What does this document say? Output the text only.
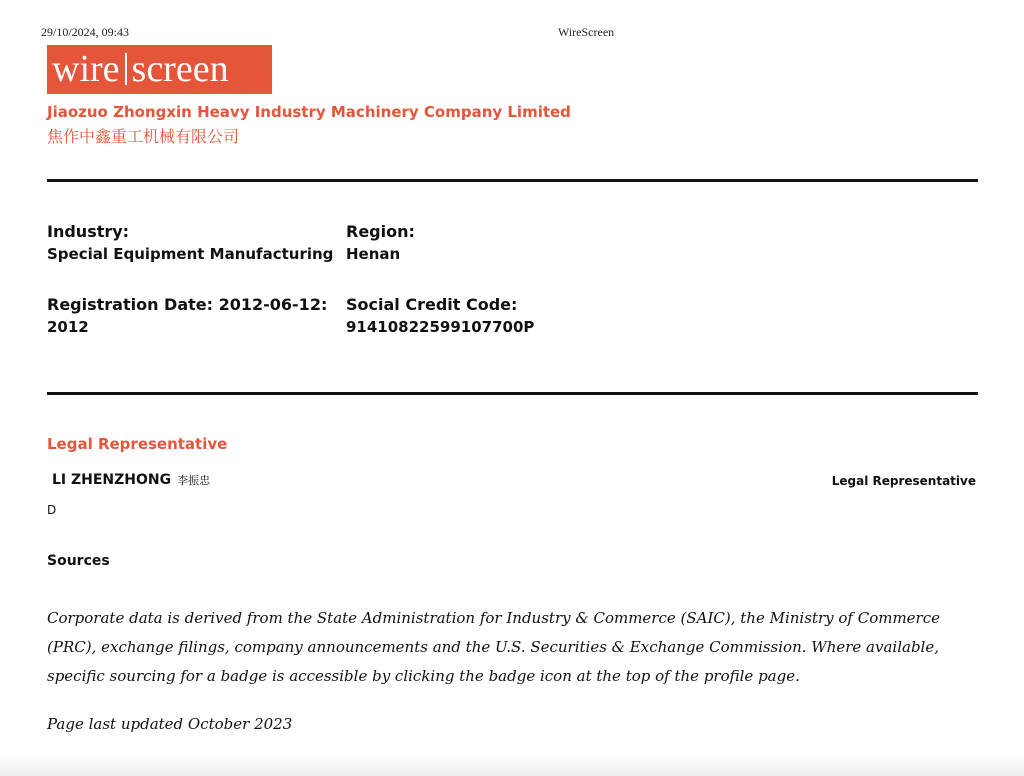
29/10/2024, 09:43	WireScreen
wire screen
Jiaozuo Zhongxin Heavy Industry Machinery Company Limited
焦作中鑫重工机械有限公司
Industry:
Special Equipment Manufacturing
Region:
Henan
Registration Date: 2012-06-12:
2012
Social Credit Code:
91410822599107700P
Legal Representative
LI ZHENZHONG 李振忠	Legal Representative
D
Sources
Corporate data is derived from the State Administration for Industry & Commerce (SAIC), the Ministry of Commerce
(PRC), exchange filings, company announcements and the U.S. Securities & Exchange Commission. Where available,
specific sourcing for a badge is accessible by clicking the badge icon at the top of the profile page.
Page last updated October 2023
